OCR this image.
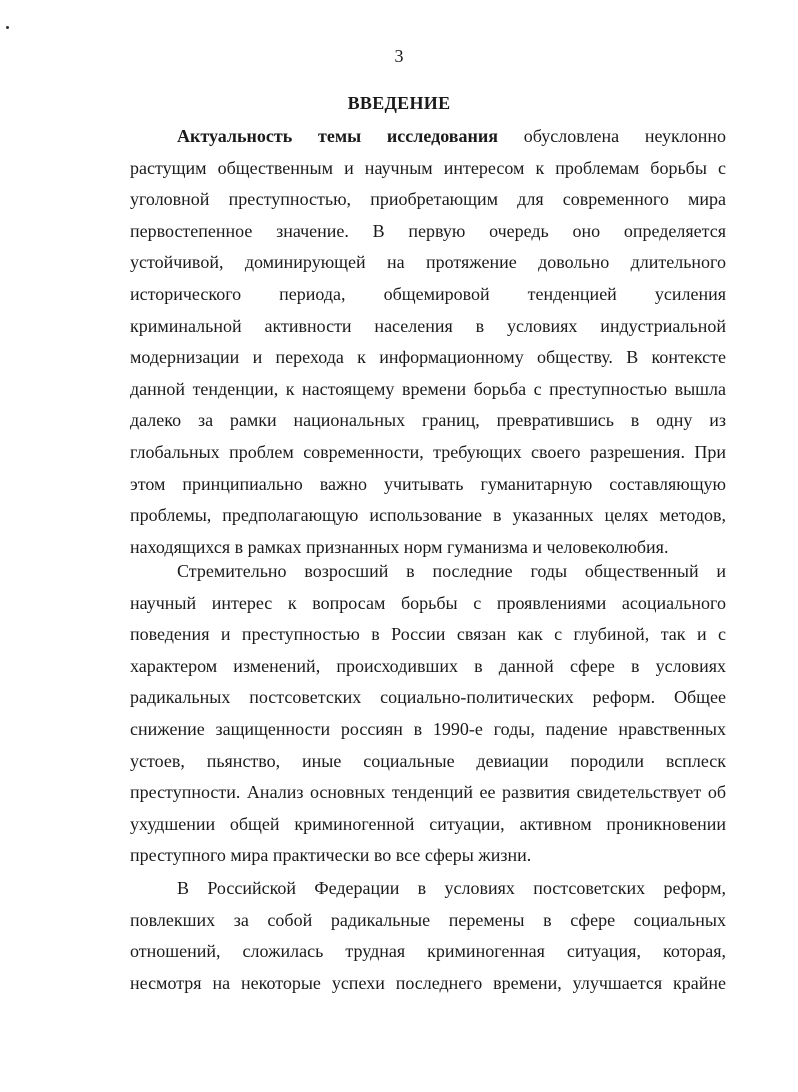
3
ВВЕДЕНИЕ
Актуальность темы исследования обусловлена неуклонно
растущим общественным и научным интересом к проблемам борьбы с
уголовной преступностью, приобретающим для современного мира
первостепенное значение. В первую очередь оно определяется
устойчивой, доминирующей на протяжение довольно длительного
исторического периода, общемировой тенденцией усиления
криминальной активности населения в условиях индустриальной
модернизации и перехода к информационному обществу. В контексте
данной тенденции, к настоящему времени борьба с преступностью вышла
далеко за рамки национальных границ, превратившись в одну из
глобальных проблем современности, требующих своего разрешения. При
этом принципиально важно учитывать гуманитарную составляющую
проблемы, предполагающую использование в указанных целях методов,
находящихся в рамках признанных норм гуманизма и человеколюбия.
Стремительно возросший в последние годы общественный и
научный интерес к вопросам борьбы с проявлениями асоциального
поведения и преступностью в России связан как с глубиной, так и с
характером изменений, происходивших в данной сфере в условиях
радикальных постсоветских социально-политических реформ. Общее
снижение защищенности россиян в 1990-е годы, падение нравственных
устоев, пьянство, иные социальные девиации породили всплеск
преступности. Анализ основных тенденций ее развития свидетельствует об
ухудшении общей криминогенной ситуации, активном проникновении
преступного мира практически во все сферы жизни.
В Российской Федерации в условиях постсоветских реформ,
повлекших за собой радикальные перемены в сфере социальных
отношений, сложилась трудная криминогенная ситуация, которая,
несмотря на некоторые успехи последнего времени, улучшается крайне
